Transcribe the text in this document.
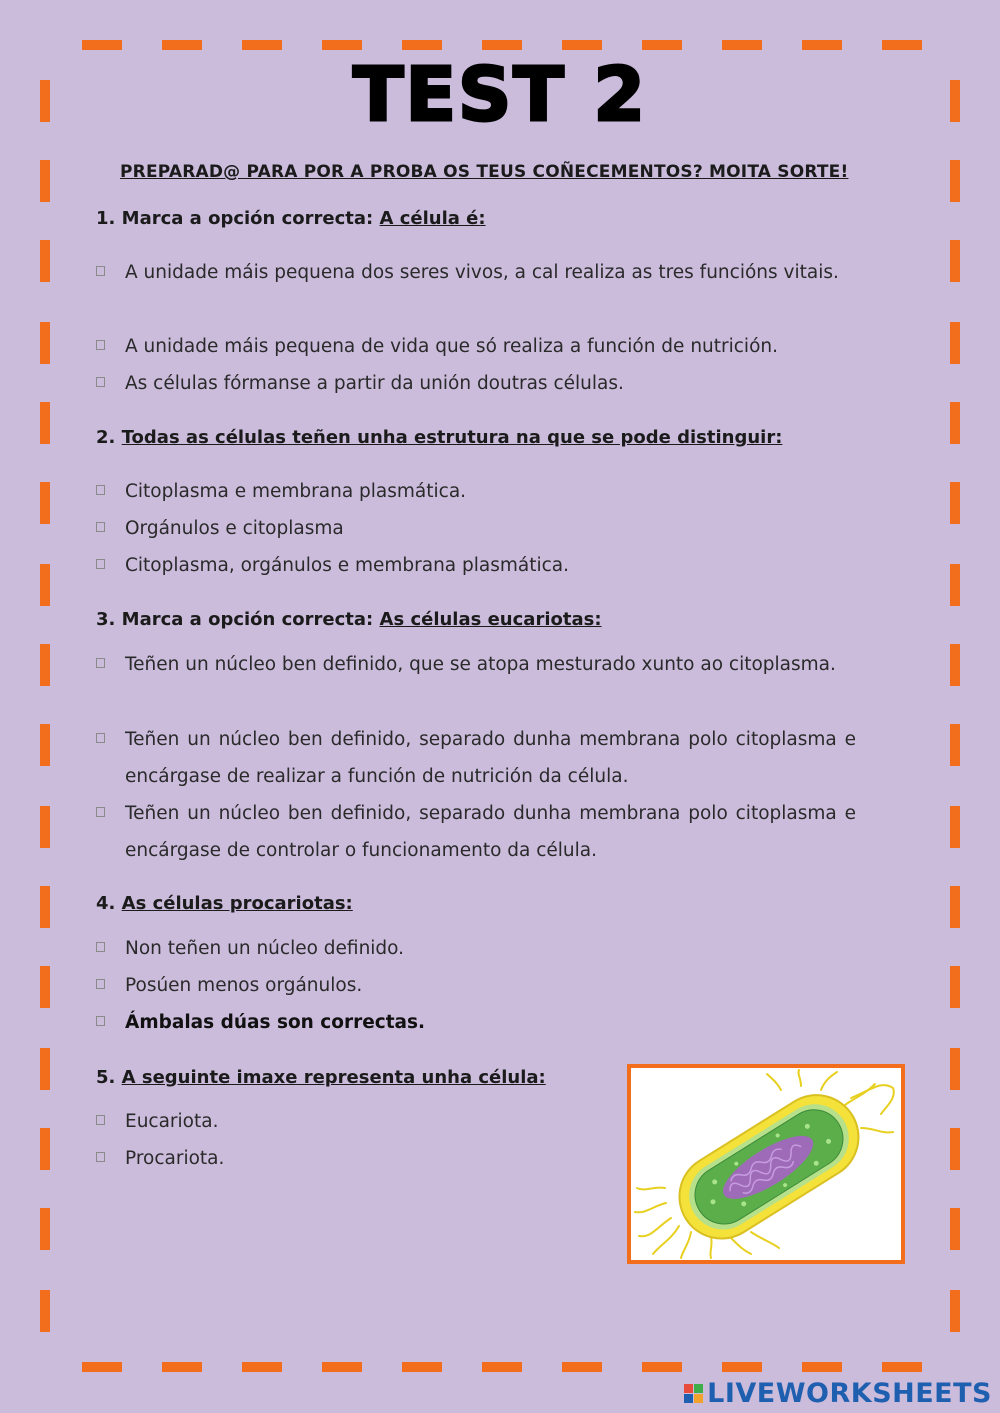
TEST 2
PREPARAD@ PARA POR A PROBA OS TEUS COÑECEMENTOS? MOITA SORTE!
1. Marca a opción correcta: A célula é:
A unidade máis pequena dos seres vivos, a cal realiza as tres funcións vitais.
A unidade máis pequena de vida que só realiza a función de nutrición.
As células fórmanse a partir da unión doutras células.
2. Todas as células teñen unha estrutura na que se pode distinguir:
Citoplasma e membrana plasmática.
Orgánulos e citoplasma
Citoplasma, orgánulos e membrana plasmática.
3. Marca a opción correcta: As células eucariotas:
Teñen un núcleo ben definido, que se atopa mesturado xunto ao citoplasma.
Teñen un núcleo ben definido, separado dunha membrana polo citoplasma e encárgase de realizar a función de nutrición da célula.
Teñen un núcleo ben definido, separado dunha membrana polo citoplasma e encárgase de controlar o funcionamento da célula.
4. As células procariotas:
Non teñen un núcleo definido.
Posúen menos orgánulos.
Ámbalas dúas son correctas.
5. A seguinte imaxe representa unha célula:
Eucariota.
Procariota.
LIVEWORKSHEETS
